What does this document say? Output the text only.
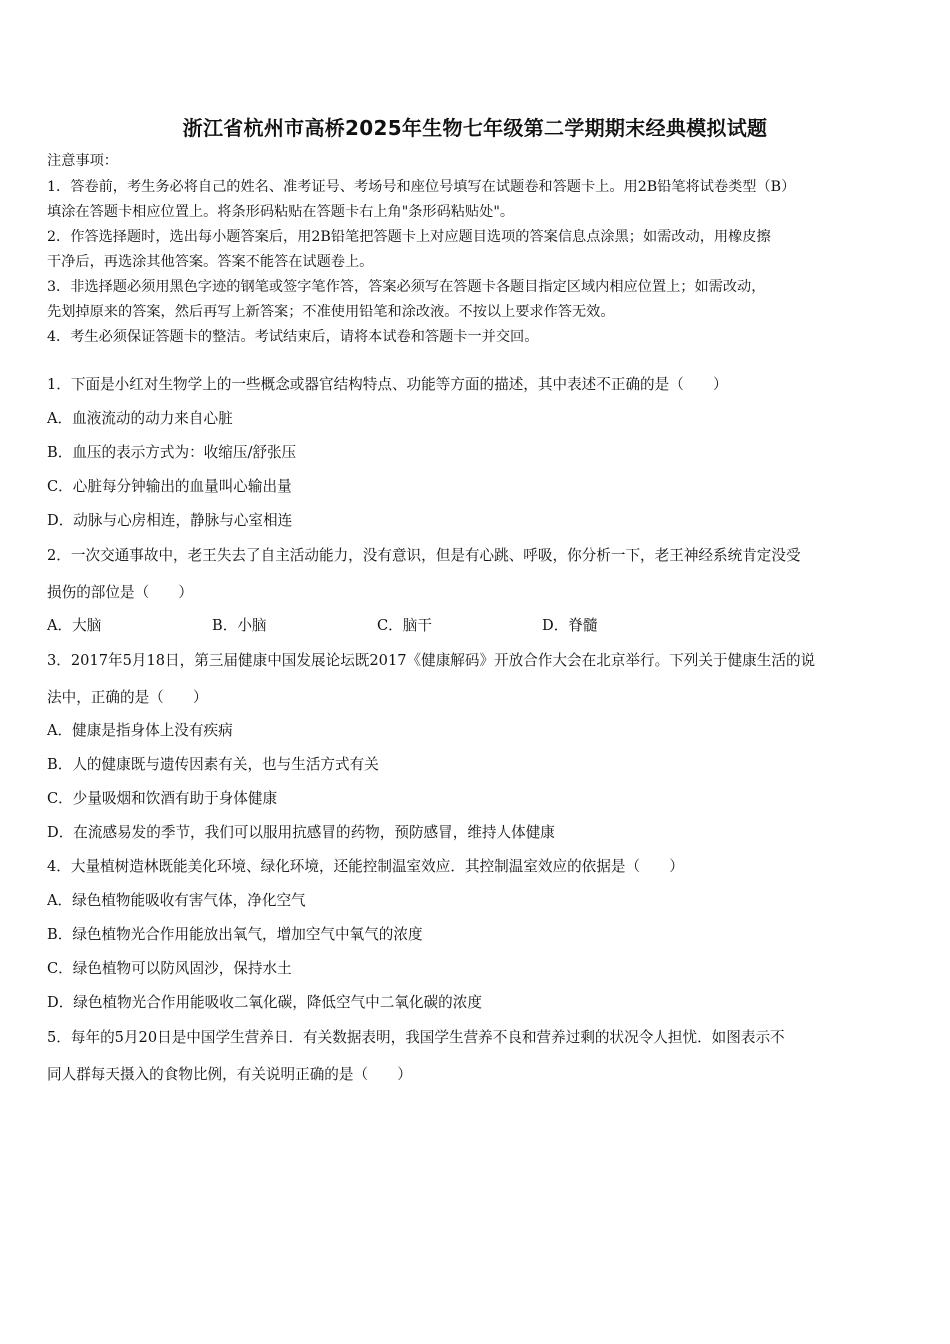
浙江省杭州市高桥2025年生物七年级第二学期期末经典模拟试题
注意事项：
1．答卷前，考生务必将自己的姓名、准考证号、考场号和座位号填写在试题卷和答题卡上。用2B铅笔将试卷类型（B）
填涂在答题卡相应位置上。将条形码粘贴在答题卡右上角"条形码粘贴处"。
2．作答选择题时，选出每小题答案后，用2B铅笔把答题卡上对应题目选项的答案信息点涂黑；如需改动，用橡皮擦
干净后，再选涂其他答案。答案不能答在试题卷上。
3．非选择题必须用黑色字迹的钢笔或签字笔作答，答案必须写在答题卡各题目指定区域内相应位置上；如需改动，
先划掉原来的答案，然后再写上新答案；不准使用铅笔和涂改液。不按以上要求作答无效。
4．考生必须保证答题卡的整洁。考试结束后，请将本试卷和答题卡一并交回。
1．下面是小红对生物学上的一些概念或器官结构特点、功能等方面的描述，其中表述不正确的是（　　）
A．血液流动的动力来自心脏
B．血压的表示方式为：收缩压/舒张压
C．心脏每分钟输出的血量叫心输出量
D．动脉与心房相连，静脉与心室相连
2．一次交通事故中，老王失去了自主活动能力，没有意识，但是有心跳、呼吸，你分析一下，老王神经系统肯定没受
损伤的部位是（　　）
A．大脑	B．小脑	C．脑干	D．脊髓
3．2017年5月18日，第三届健康中国发展论坛既2017《健康解码》开放合作大会在北京举行。下列关于健康生活的说
法中，正确的是（　　）
A．健康是指身体上没有疾病
B．人的健康既与遗传因素有关，也与生活方式有关
C．少量吸烟和饮酒有助于身体健康
D．在流感易发的季节，我们可以服用抗感冒的药物，预防感冒，维持人体健康
4．大量植树造林既能美化环境、绿化环境，还能控制温室效应．其控制温室效应的依据是（　　）
A．绿色植物能吸收有害气体，净化空气
B．绿色植物光合作用能放出氧气，增加空气中氧气的浓度
C．绿色植物可以防风固沙，保持水土
D．绿色植物光合作用能吸收二氧化碳，降低空气中二氧化碳的浓度
5．每年的5月20日是中国学生营养日．有关数据表明，我国学生营养不良和营养过剩的状况令人担忧．如图表示不
同人群每天摄入的食物比例，有关说明正确的是（　　）
